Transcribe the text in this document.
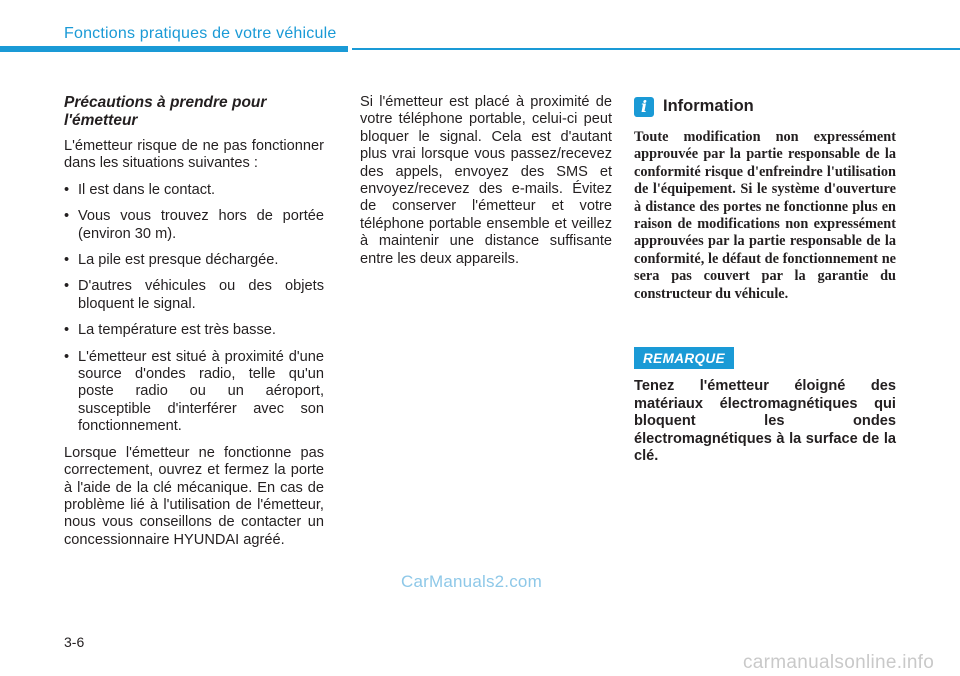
Fonctions pratiques de votre véhicule
Précautions à prendre pour
l'émetteur

L'émetteur risque de ne pas fonctionner dans les situations suivantes :

• Il est dans le contact.
• Vous vous trouvez hors de portée (environ 30 m).
• La pile est presque déchargée.
• D'autres véhicules ou des objets bloquent le signal.
• La température est très basse.
• L'émetteur est situé à proximité d'une source d'ondes radio, telle qu'un poste radio ou un aéroport, susceptible d'interférer avec son fonctionnement.

Lorsque l'émetteur ne fonctionne pas correctement, ouvrez et fermez la porte à l'aide de la clé mécanique. En cas de problème lié à l'utilisation de l'émetteur, nous vous conseillons de contacter un concessionnaire HYUNDAI agréé.

Si l'émetteur est placé à proximité de votre téléphone portable, celui-ci peut bloquer le signal. Cela est d'autant plus vrai lorsque vous passez/recevez des appels, envoyez des SMS et envoyez/recevez des e-mails. Évitez de conserver l'émetteur et votre téléphone portable ensemble et veillez à maintenir une distance suffisante entre les deux appareils.

i Information

Toute modification non expressément approuvée par la partie responsable de la conformité risque d'enfreindre l'utilisation de l'équipement. Si le système d'ouverture à distance des portes ne fonctionne plus en raison de modifications non expressément approuvées par la partie responsable de la conformité, le défaut de fonctionnement ne sera pas couvert par la garantie du constructeur du véhicule.

REMARQUE

Tenez l'émetteur éloigné des matériaux électromagnétiques qui bloquent les ondes électromagnétiques à la surface de la clé.

CarManuals2.com
3-6
carmanualsonline.info
